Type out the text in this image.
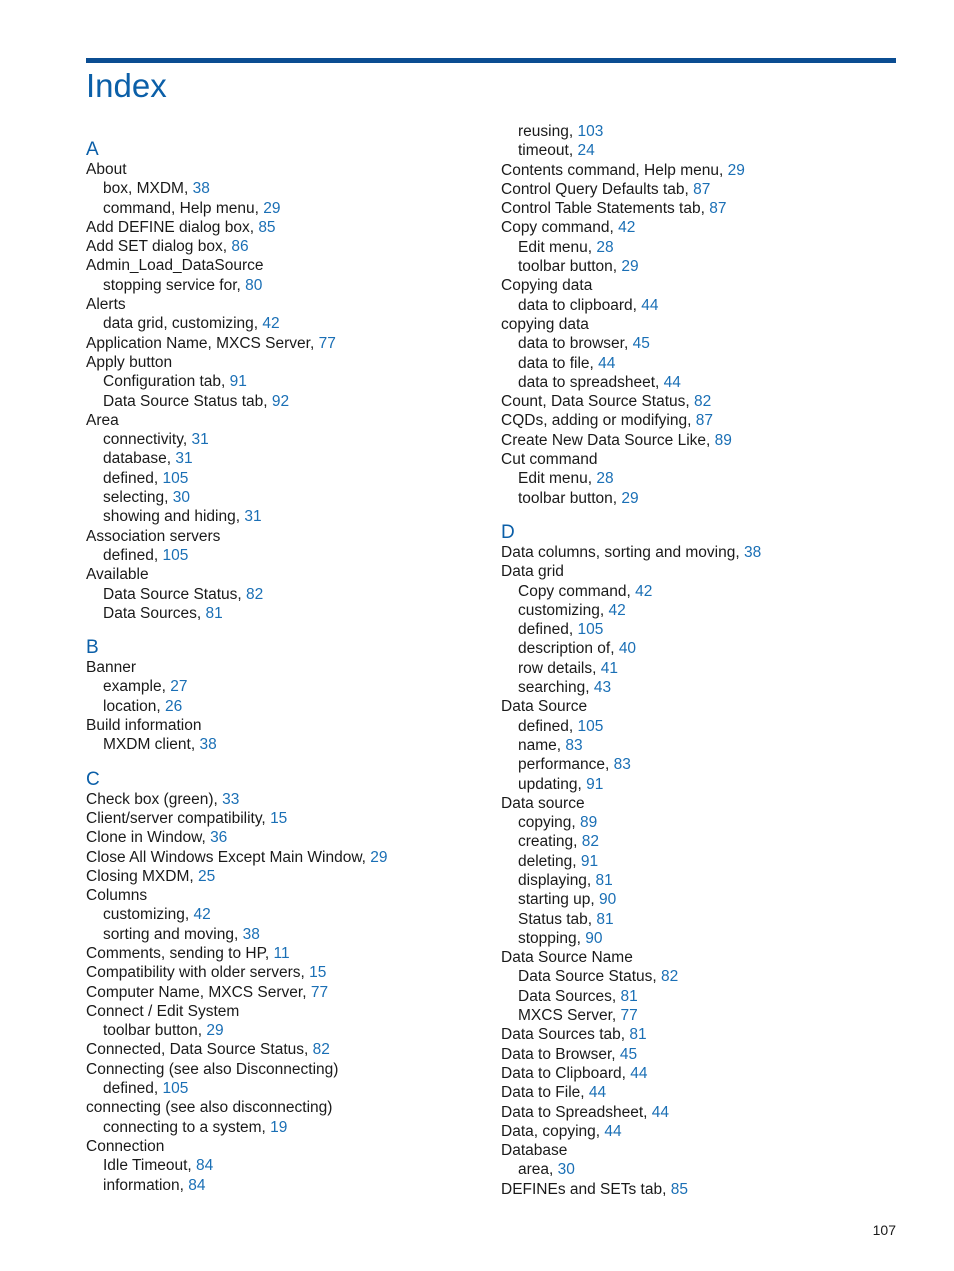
Index
A
About
box, MXDM, 38
command, Help menu, 29
Add DEFINE dialog box, 85
Add SET dialog box, 86
Admin_Load_DataSource
stopping service for, 80
Alerts
data grid, customizing, 42
Application Name, MXCS Server, 77
Apply button
Configuration tab, 91
Data Source Status tab, 92
Area
connectivity, 31
database, 31
defined, 105
selecting, 30
showing and hiding, 31
Association servers
defined, 105
Available
Data Source Status, 82
Data Sources, 81
B
Banner
example, 27
location, 26
Build information
MXDM client, 38
C
Check box (green), 33
Client/server compatibility, 15
Clone in Window, 36
Close All Windows Except Main Window, 29
Closing MXDM, 25
Columns
customizing, 42
sorting and moving, 38
Comments, sending to HP, 11
Compatibility with older servers, 15
Computer Name, MXCS Server, 77
Connect / Edit System
toolbar button, 29
Connected, Data Source Status, 82
Connecting (see also Disconnecting)
defined, 105
connecting (see also disconnecting)
connecting to a system, 19
Connection
Idle Timeout, 84
information, 84
reusing, 103
timeout, 24
Contents command, Help menu, 29
Control Query Defaults tab, 87
Control Table Statements tab, 87
Copy command, 42
Edit menu, 28
toolbar button, 29
Copying data
data to clipboard, 44
copying data
data to browser, 45
data to file, 44
data to spreadsheet, 44
Count, Data Source Status, 82
CQDs, adding or modifying, 87
Create New Data Source Like, 89
Cut command
Edit menu, 28
toolbar button, 29
D
Data columns, sorting and moving, 38
Data grid
Copy command, 42
customizing, 42
defined, 105
description of, 40
row details, 41
searching, 43
Data Source
defined, 105
name, 83
performance, 83
updating, 91
Data source
copying, 89
creating, 82
deleting, 91
displaying, 81
starting up, 90
Status tab, 81
stopping, 90
Data Source Name
Data Source Status, 82
Data Sources, 81
MXCS Server, 77
Data Sources tab, 81
Data to Browser, 45
Data to Clipboard, 44
Data to File, 44
Data to Spreadsheet, 44
Data, copying, 44
Database
area, 30
DEFINEs and SETs tab, 85
107
